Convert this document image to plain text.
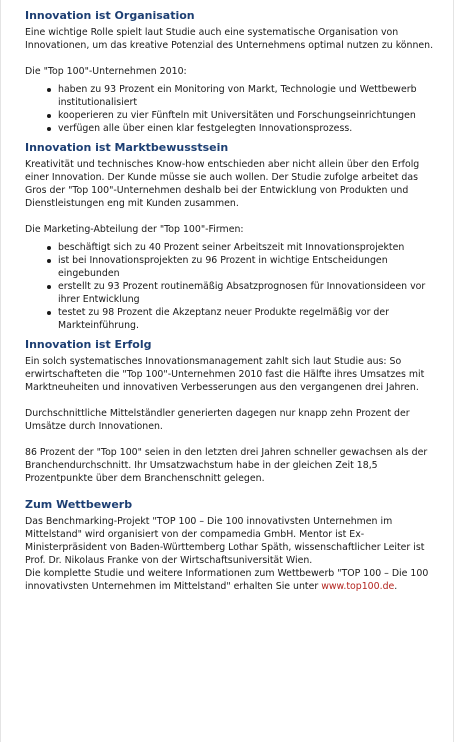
Innovation ist Organisation

Eine wichtige Rolle spielt laut Studie auch eine systematische Organisation von Innovationen, um das kreative Potenzial des Unternehmens optimal nutzen zu können.

Die "Top 100"-Unternehmen 2010:

haben zu 93 Prozent ein Monitoring von Markt, Technologie und Wettbewerb institutionalisiert
kooperieren zu vier Fünfteln mit Universitäten und Forschungseinrichtungen
verfügen alle über einen klar festgelegten Innovationsprozess.
Innovation ist Marktbewusstsein

Kreativität und technisches Know-how entschieden aber nicht allein über den Erfolg einer Innovation. Der Kunde müsse sie auch wollen. Der Studie zufolge arbeitet das Gros der "Top 100"-Unternehmen deshalb bei der Entwicklung von Produkten und Dienstleistungen eng mit Kunden zusammen.

Die Marketing-Abteilung der "Top 100"-Firmen:

beschäftigt sich zu 40 Prozent seiner Arbeitszeit mit Innovationsprojekten
ist bei Innovationsprojekten zu 96 Prozent in wichtige Entscheidungen eingebunden
erstellt zu 93 Prozent routinemäßig Absatzprognosen für Innovationsideen vor ihrer Entwicklung
testet zu 98 Prozent die Akzeptanz neuer Produkte regelmäßig vor der Markteinführung.
Innovation ist Erfolg

Ein solch systematisches Innovationsmanagement zahlt sich laut Studie aus: So erwirtschafteten die "Top 100"-Unternehmen 2010 fast die Hälfte ihres Umsatzes mit Marktneuheiten und innovativen Verbesserungen aus den vergangenen drei Jahren.

Durchschnittliche Mittelständler generierten dagegen nur knapp zehn Prozent der Umsätze durch Innovationen.

86 Prozent der "Top 100" seien in den letzten drei Jahren schneller gewachsen als der Branchendurchschnitt. Ihr Umsatzwachstum habe in der gleichen Zeit 18,5 Prozentpunkte über dem Branchenschnitt gelegen.

Zum Wettbewerb

Das Benchmarking-Projekt "TOP 100 – Die 100 innovativsten Unternehmen im Mittelstand" wird organisiert von der compamedia GmbH. Mentor ist Ex-Ministerpräsident von Baden-Württemberg Lothar Späth, wissenschaftlicher Leiter ist Prof. Dr. Nikolaus Franke von der Wirtschaftsuniversität Wien.

Die komplette Studie und weitere Informationen zum Wettbewerb "TOP 100 – Die 100 innovativsten Unternehmen im Mittelstand" erhalten Sie unter www.top100.de.
